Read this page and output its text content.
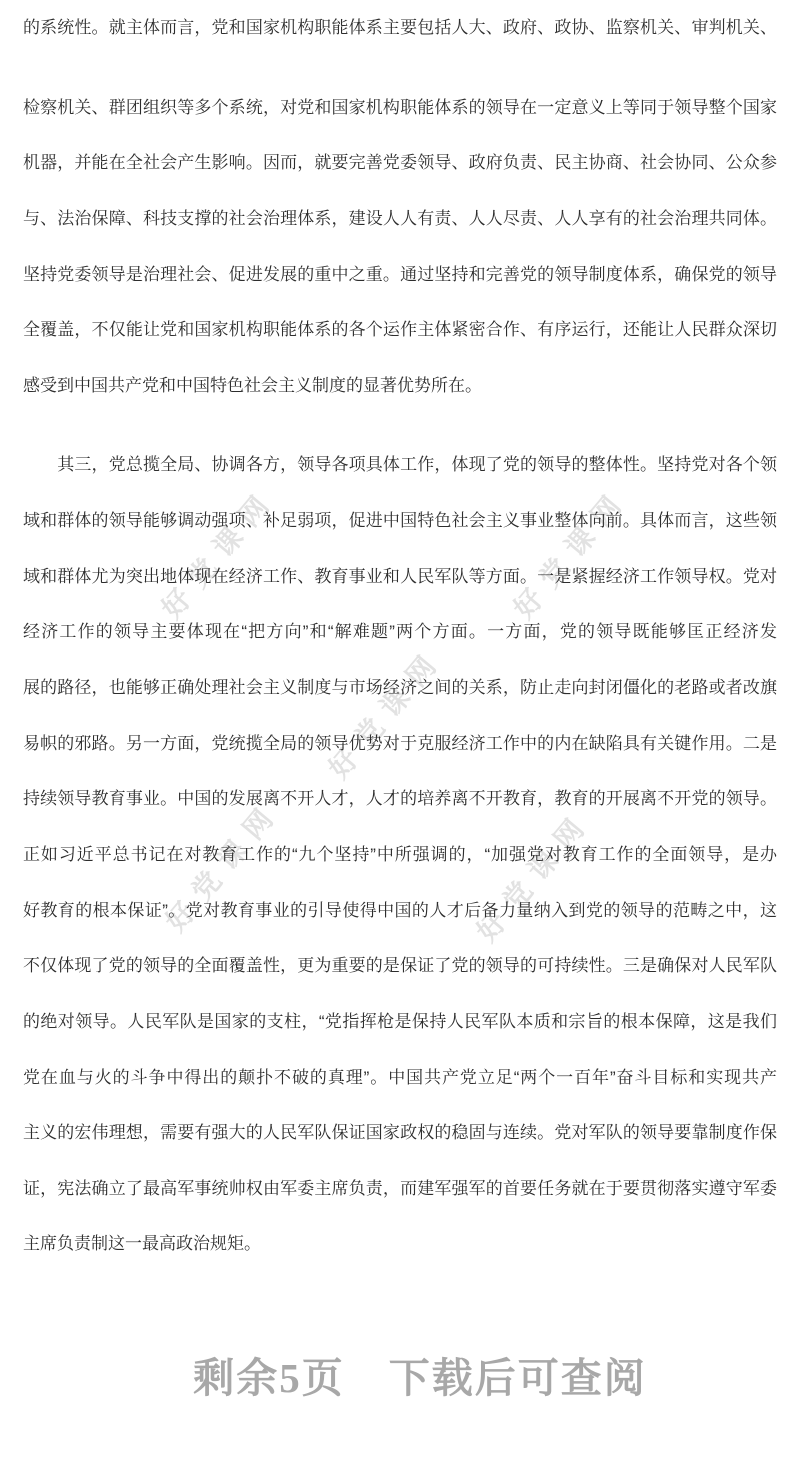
好党课网	好党课网
好党课网
好党课网	好党课网
的系统性。就主体而言，党和国家机构职能体系主要包括人大、政府、政协、监察机关、审判机关、
检察机关、群团组织等多个系统，对党和国家机构职能体系的领导在一定意义上等同于领导整个国家
机器，并能在全社会产生影响。因而，就要完善党委领导、政府负责、民主协商、社会协同、公众参
与、法治保障、科技支撑的社会治理体系，建设人人有责、人人尽责、人人享有的社会治理共同体。
坚持党委领导是治理社会、促进发展的重中之重。通过坚持和完善党的领导制度体系，确保党的领导
全覆盖，不仅能让党和国家机构职能体系的各个运作主体紧密合作、有序运行，还能让人民群众深切
感受到中国共产党和中国特色社会主义制度的显著优势所在。
　　其三，党总揽全局、协调各方，领导各项具体工作，体现了党的领导的整体性。坚持党对各个领
域和群体的领导能够调动强项、补足弱项，促进中国特色社会主义事业整体向前。具体而言，这些领
域和群体尤为突出地体现在经济工作、教育事业和人民军队等方面。一是紧握经济工作领导权。党对
经济工作的领导主要体现在“把方向”和“解难题”两个方面。一方面，党的领导既能够匡正经济发
展的路径，也能够正确处理社会主义制度与市场经济之间的关系，防止走向封闭僵化的老路或者改旗
易帜的邪路。另一方面，党统揽全局的领导优势对于克服经济工作中的内在缺陷具有关键作用。二是
持续领导教育事业。中国的发展离不开人才，人才的培养离不开教育，教育的开展离不开党的领导。
正如习近平总书记在对教育工作的“九个坚持”中所强调的，“加强党对教育工作的全面领导，是办
好教育的根本保证”。党对教育事业的引导使得中国的人才后备力量纳入到党的领导的范畴之中，这
不仅体现了党的领导的全面覆盖性，更为重要的是保证了党的领导的可持续性。三是确保对人民军队
的绝对领导。人民军队是国家的支柱，“党指挥枪是保持人民军队本质和宗旨的根本保障，这是我们
党在血与火的斗争中得出的颠扑不破的真理”。中国共产党立足“两个一百年”奋斗目标和实现共产
主义的宏伟理想，需要有强大的人民军队保证国家政权的稳固与连续。党对军队的领导要靠制度作保
证，宪法确立了最高军事统帅权由军委主席负责，而建军强军的首要任务就在于要贯彻落实遵守军委
主席负责制这一最高政治规矩。
剩余5页 下载后可查阅
